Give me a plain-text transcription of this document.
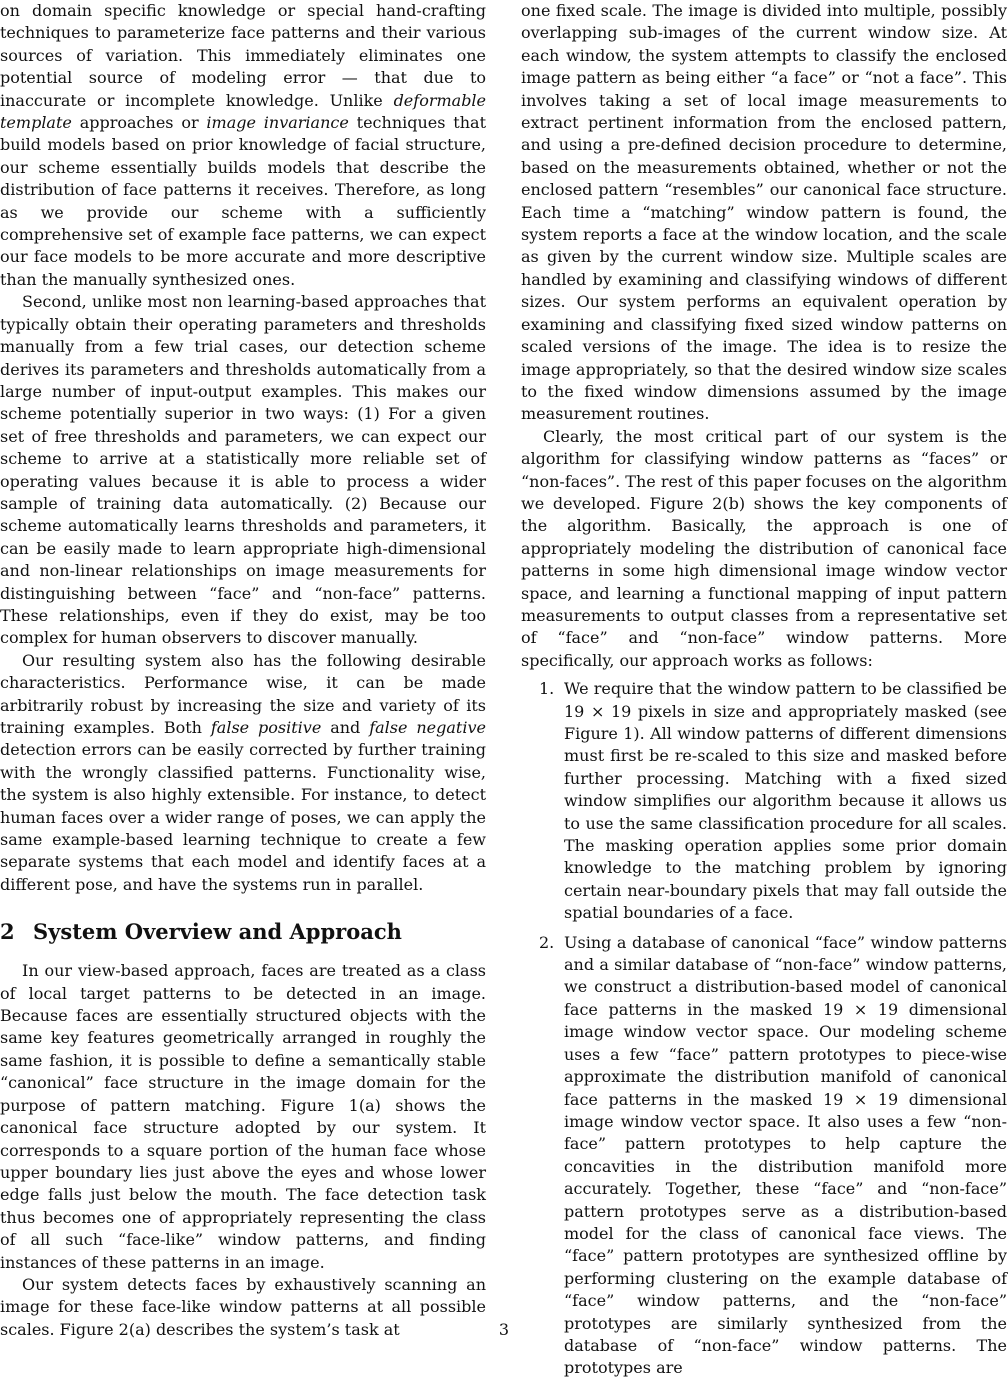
on domain specific knowledge or special hand-crafting techniques to parameterize face patterns and their various sources of variation. This immediately eliminates one potential source of modeling error — that due to inaccurate or incomplete knowledge. Unlike deformable template approaches or image invariance techniques that build models based on prior knowledge of facial structure, our scheme essentially builds models that describe the distribution of face patterns it receives. Therefore, as long as we provide our scheme with a sufficiently comprehensive set of example face patterns, we can expect our face models to be more accurate and more descriptive than the manually synthesized ones.

Second, unlike most non learning-based approaches that typically obtain their operating parameters and thresholds manually from a few trial cases, our detection scheme derives its parameters and thresholds automatically from a large number of input-output examples. This makes our scheme potentially superior in two ways: (1) For a given set of free thresholds and parameters, we can expect our scheme to arrive at a statistically more reliable set of operating values because it is able to process a wider sample of training data automatically. (2) Because our scheme automatically learns thresholds and parameters, it can be easily made to learn appropriate high-dimensional and non-linear relationships on image measurements for distinguishing between “face” and “non-face” patterns. These relationships, even if they do exist, may be too complex for human observers to discover manually.

Our resulting system also has the following desirable characteristics. Performance wise, it can be made arbitrarily robust by increasing the size and variety of its training examples. Both false positive and false negative detection errors can be easily corrected by further training with the wrongly classified patterns. Functionality wise, the system is also highly extensible. For instance, to detect human faces over a wider range of poses, we can apply the same example-based learning technique to create a few separate systems that each model and identify faces at a different pose, and have the systems run in parallel.

2 System Overview and Approach

In our view-based approach, faces are treated as a class of local target patterns to be detected in an image. Because faces are essentially structured objects with the same key features geometrically arranged in roughly the same fashion, it is possible to define a semantically stable “canonical” face structure in the image domain for the purpose of pattern matching. Figure 1(a) shows the canonical face structure adopted by our system. It corresponds to a square portion of the human face whose upper boundary lies just above the eyes and whose lower edge falls just below the mouth. The face detection task thus becomes one of appropriately representing the class of all such “face-like” window patterns, and finding instances of these patterns in an image.

Our system detects faces by exhaustively scanning an image for these face-like window patterns at all possible scales. Figure 2(a) describes the system’s task at

one fixed scale. The image is divided into multiple, possibly overlapping sub-images of the current window size. At each window, the system attempts to classify the enclosed image pattern as being either “a face” or “not a face”. This involves taking a set of local image measurements to extract pertinent information from the enclosed pattern, and using a pre-defined decision procedure to determine, based on the measurements obtained, whether or not the enclosed pattern “resembles” our canonical face structure. Each time a “matching” window pattern is found, the system reports a face at the window location, and the scale as given by the current window size. Multiple scales are handled by examining and classifying windows of different sizes. Our system performs an equivalent operation by examining and classifying fixed sized window patterns on scaled versions of the image. The idea is to resize the image appropriately, so that the desired window size scales to the fixed window dimensions assumed by the image measurement routines.

Clearly, the most critical part of our system is the algorithm for classifying window patterns as “faces” or “non-faces”. The rest of this paper focuses on the algorithm we developed. Figure 2(b) shows the key components of the algorithm. Basically, the approach is one of appropriately modeling the distribution of canonical face patterns in some high dimensional image window vector space, and learning a functional mapping of input pattern measurements to output classes from a representative set of “face” and “non-face” window patterns. More specifically, our approach works as follows:

1. We require that the window pattern to be classified be 19 × 19 pixels in size and appropriately masked (see Figure 1). All window patterns of different dimensions must first be re-scaled to this size and masked before further processing. Matching with a fixed sized window simplifies our algorithm because it allows us to use the same classification procedure for all scales. The masking operation applies some prior domain knowledge to the matching problem by ignoring certain near-boundary pixels that may fall outside the spatial boundaries of a face.
2. Using a database of canonical “face” window patterns and a similar database of “non-face” window patterns, we construct a distribution-based model of canonical face patterns in the masked 19 × 19 dimensional image window vector space. Our modeling scheme uses a few “face” pattern prototypes to piece-wise approximate the distribution manifold of canonical face patterns in the masked 19 × 19 dimensional image window vector space. It also uses a few “non-face” pattern prototypes to help capture the concavities in the distribution manifold more accurately. Together, these “face” and “non-face” pattern prototypes serve as a distribution-based model for the class of canonical face views. The “face” pattern prototypes are synthesized offline by performing clustering on the example database of “face” window patterns, and the “non-face” prototypes are similarly synthesized from the database of “non-face” window patterns. The prototypes are
3
